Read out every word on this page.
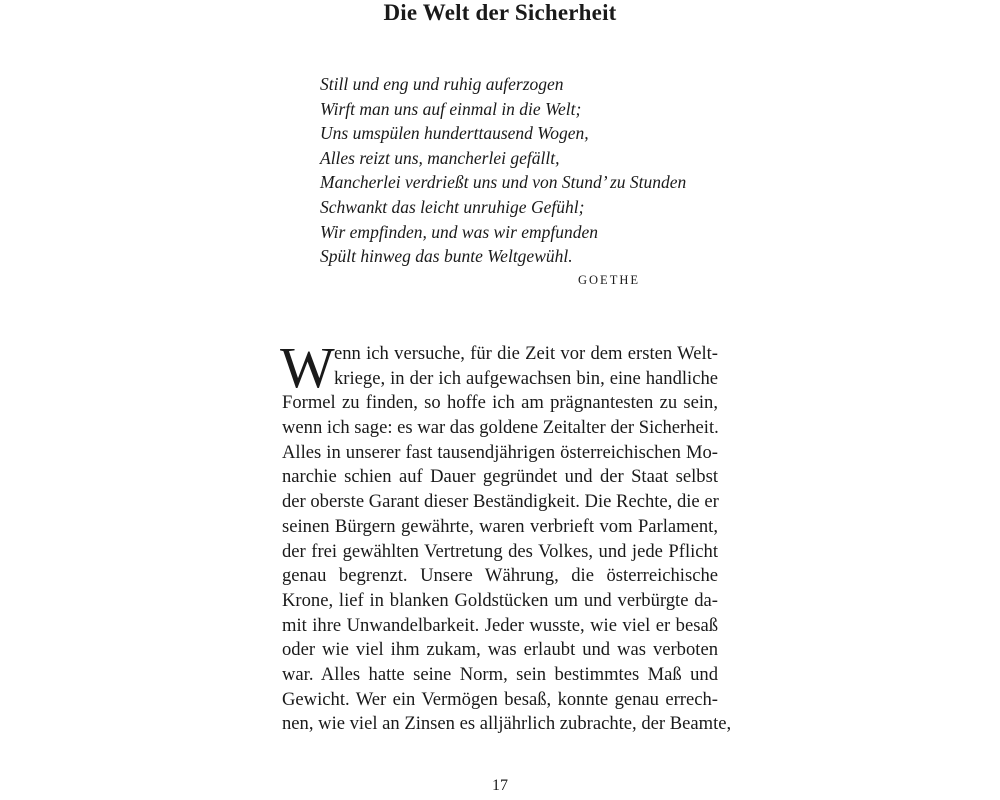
Die Welt der Sicherheit
Still und eng und ruhig auferzogen
Wirft man uns auf einmal in die Welt;
Uns umspülen hunderttausend Wogen,
Alles reizt uns, mancherlei gefällt,
Mancherlei verdrießt uns und von Stund’ zu Stunden
Schwankt das leicht unruhige Gefühl;
Wir empfinden, und was wir empfunden
Spült hinweg das bunte Weltgewühl.
GOETHE
W enn ich versuche, für die Zeit vor dem ersten Welt-
kriege, in der ich aufgewachsen bin, eine handliche
Formel zu finden, so hoffe ich am prägnantesten zu sein,
wenn ich sage: es war das goldene Zeitalter der Sicherheit.
Alles in unserer fast tausendjährigen österreichischen Mo-
narchie schien auf Dauer gegründet und der Staat selbst
der oberste Garant dieser Beständigkeit. Die Rechte, die er
seinen Bürgern gewährte, waren verbrieft vom Parlament,
der frei gewählten Vertretung des Volkes, und jede Pflicht
genau begrenzt. Unsere Währung, die österreichische
Krone, lief in blanken Goldstücken um und verbürgte da-
mit ihre Unwandelbarkeit. Jeder wusste, wie viel er besaß
oder wie viel ihm zukam, was erlaubt und was verboten
war. Alles hatte seine Norm, sein bestimmtes Maß und
Gewicht. Wer ein Vermögen besaß, konnte genau errech-
nen, wie viel an Zinsen es alljährlich zubrachte, der Beamte,
17
